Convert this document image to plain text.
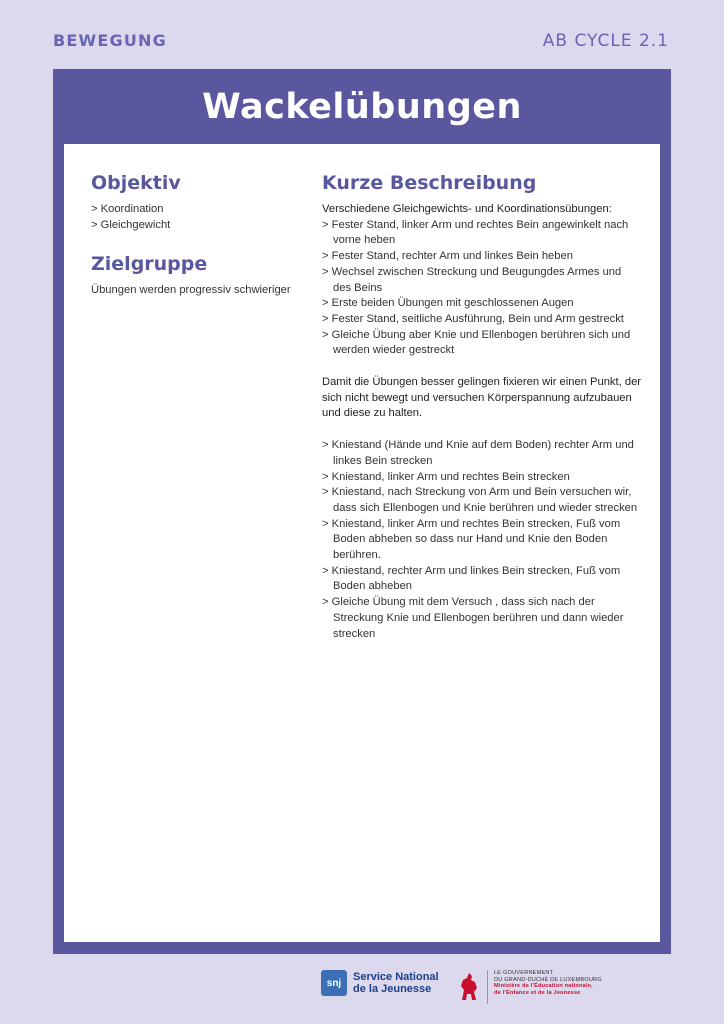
BEWEGUNG	AB CYCLE 2.1
Wackelübungen
Objektiv
> Koordination
> Gleichgewicht
Zielgruppe
Übungen werden progressiv schwieriger
Kurze Beschreibung
Verschiedene Gleichgewichts- und Koordinationsübungen:
> Fester Stand, linker Arm und rechtes Bein angewinkelt nach vorne heben
> Fester Stand, rechter Arm und linkes Bein heben
> Wechsel zwischen Streckung und Beugungdes Armes und des Beins
> Erste beiden Übungen mit geschlossenen Augen
> Fester Stand, seitliche Ausführung, Bein und Arm gestreckt
> Gleiche Übung aber Knie und Ellenbogen berühren sich und werden wieder gestreckt
Damit die Übungen besser gelingen fixieren wir einen Punkt, der sich nicht bewegt und versuchen Körperspannung aufzubauen und diese zu halten.
> Kniestand (Hände und Knie auf dem Boden) rechter Arm und linkes Bein strecken
> Kniestand, linker Arm und rechtes Bein strecken
> Kniestand, nach Streckung von Arm und Bein versuchen wir, dass sich Ellenbogen und Knie berühren und wieder strecken
> Kniestand, linker Arm und rechtes Bein strecken, Fuß vom Boden abheben so dass nur Hand und Knie den Boden berühren.
> Kniestand, rechter Arm und linkes Bein strecken, Fuß vom Boden abheben
> Gleiche Übung mit dem Versuch , dass sich nach der Streckung Knie und Ellenbogen berühren und dann wieder strecken
snj	Service National
de la Jeunesse
LE GOUVERNEMENT
DU GRAND-DUCHÉ DE LUXEMBOURG
Ministère de l'Éducation nationale,
de l'Enfance et de la Jeunesse
